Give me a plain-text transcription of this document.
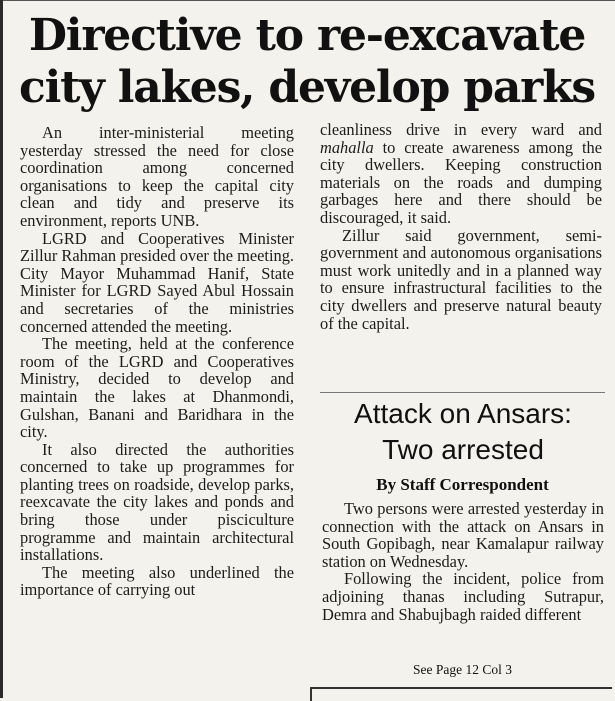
Directive to re-excavate
city lakes, develop parks

An inter-ministerial meeting yesterday stressed the need for close coordination among concerned organisations to keep the capital city clean and tidy and preserve its environment, reports UNB.

LGRD and Cooperatives Minister Zillur Rahman presided over the meeting. City Mayor Muhammad Hanif, State Minister for LGRD Sayed Abul Hossain and secretaries of the ministries concerned attended the meeting.

The meeting, held at the conference room of the LGRD and Cooperatives Ministry, decided to develop and maintain the lakes at Dhanmondi, Gulshan, Banani and Baridhara in the city.

It also directed the authorities concerned to take up programmes for planting trees on roadside, develop parks, reexcavate the city lakes and ponds and bring those under pisciculture programme and maintain architectural installations.

The meeting also underlined the importance of carrying out

cleanliness drive in every ward and mahalla to create awareness among the city dwellers. Keeping construction materials on the roads and dumping garbages here and there should be discouraged, it said.

Zillur said government, semi-government and autonomous organisations must work unitedly and in a planned way to ensure infrastructural facilities to the city dwellers and preserve natural beauty of the capital.

Attack on Ansars:
Two arrested
By Staff Correspondent

Two persons were arrested yesterday in connection with the attack on Ansars in South Gopibagh, near Kamalapur railway station on Wednesday.

Following the incident, police from adjoining thanas including Sutrapur, Demra and Shabujbagh raided different

See Page 12 Col 3
